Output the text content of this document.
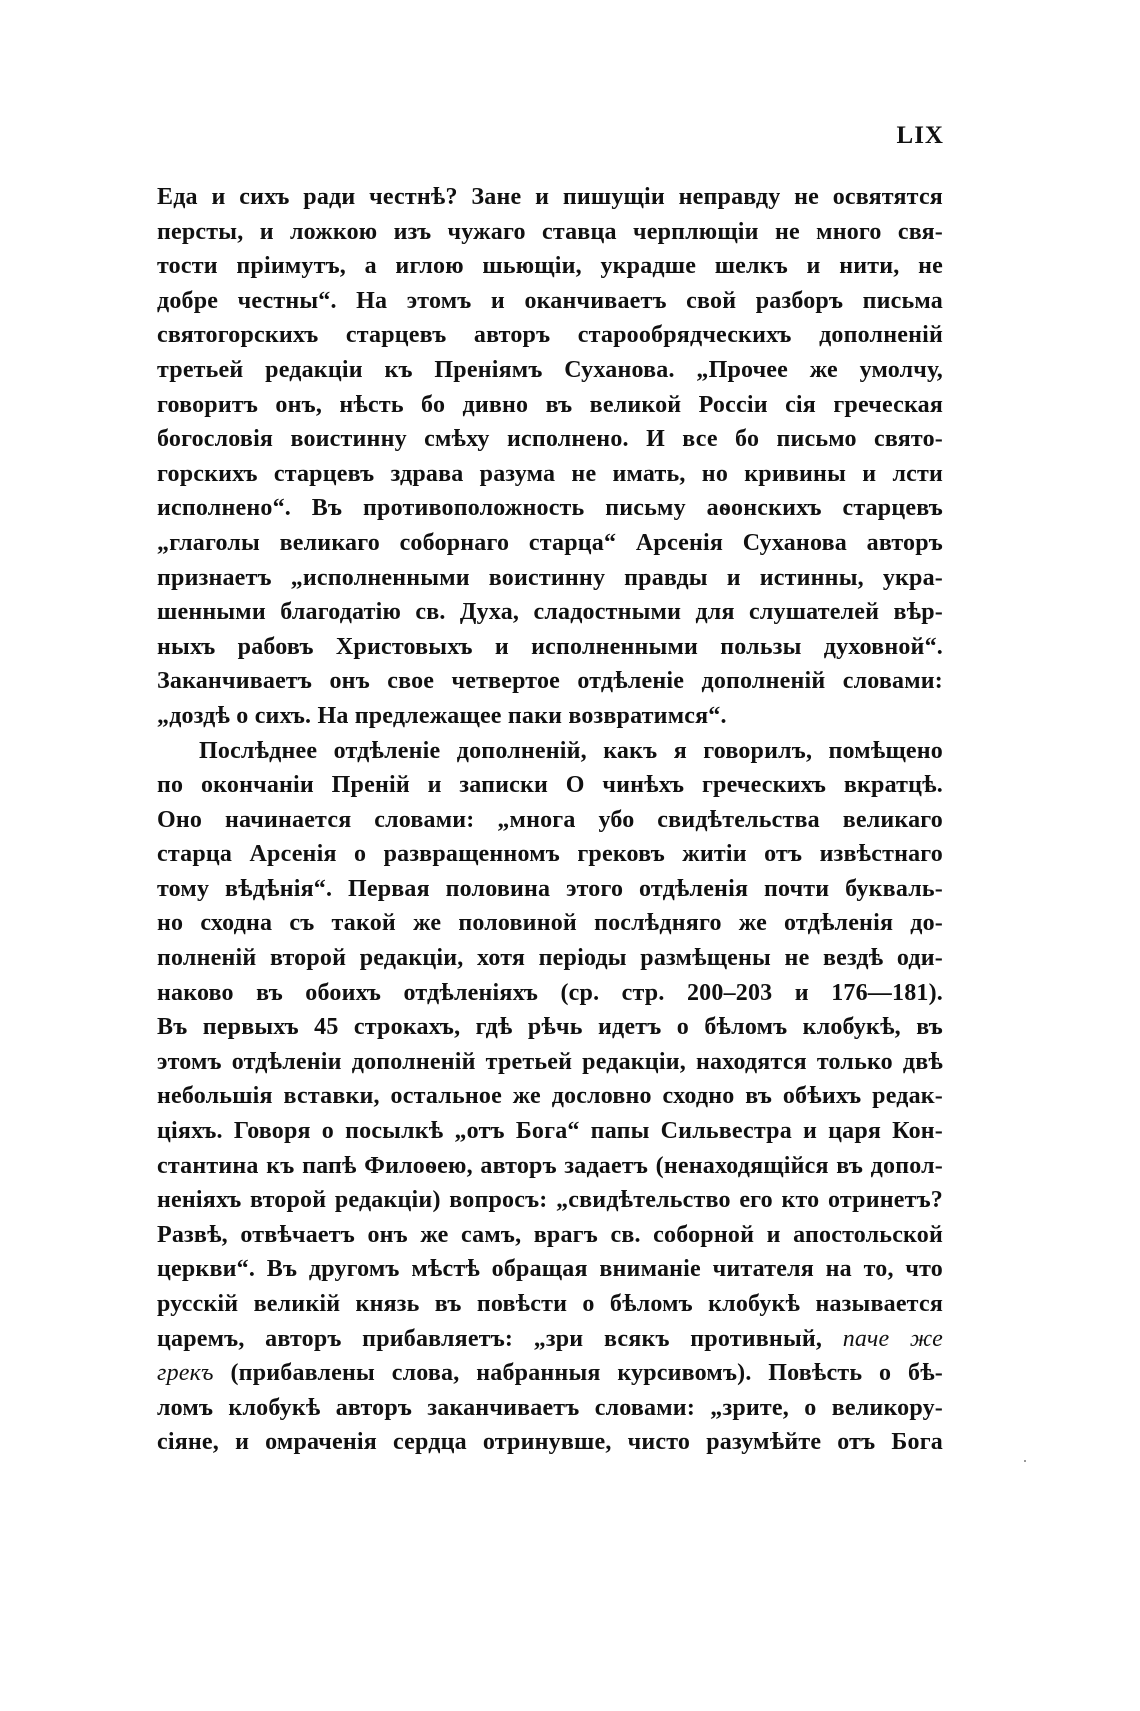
LIX
Еда и сихъ ради честнѣ? Зане и пишущіи неправду не освятятся
персты, и ложкою изъ чужаго ставца черплющіи не много свя-
тости пріимутъ, а иглою шьющіи, украдше шелкъ и нити, не
добре честны“. На этомъ и оканчиваетъ свой разборъ письма
святогорскихъ старцевъ авторъ старообрядческихъ дополненій
третьей редакціи къ Преніямъ Суханова. „Прочее же умолчу,
говоритъ онъ, нѣсть бо дивно въ великой Россіи сія греческая
богословія воистинну смѣху исполнено. И все бо письмо свято-
горскихъ старцевъ здрава разума не имать, но кривины и лсти
исполнено“. Въ противоположность письму аѳонскихъ старцевъ
„глаголы великаго соборнаго старца“ Арсенія Суханова авторъ
признаетъ „исполненными воистинну правды и истинны, укра-
шенными благодатію св. Духа, сладостными для слушателей вѣр-
ныхъ рабовъ Христовыхъ и исполненными пользы духовной“.
Заканчиваетъ онъ свое четвертое отдѣленіе дополненій словами:
„доздѣ о сихъ. На предлежащее паки возвратимся“.
Послѣднее отдѣленіе дополненій, какъ я говорилъ, помѣщено
по окончаніи Преній и записки О чинѣхъ греческихъ вкратцѣ.
Оно начинается словами: „многа убо свидѣтельства великаго
старца Арсенія о развращенномъ грековъ житіи отъ извѣстнаго
тому вѣдѣнія“. Первая половина этого отдѣленія почти букваль-
но сходна съ такой же половиной послѣдняго же отдѣленія до-
полненій второй редакціи, хотя періоды размѣщены не вездѣ оди-
наково въ обоихъ отдѣленіяхъ (ср. стр. 200–203 и 176—181).
Въ первыхъ 45 строкахъ, гдѣ рѣчь идетъ о бѣломъ клобукѣ, въ
этомъ отдѣленіи дополненій третьей редакціи, находятся только двѣ
небольшія вставки, остальное же дословно сходно въ обѣихъ редак-
ціяхъ. Говоря о посылкѣ „отъ Бога“ папы Сильвестра и царя Кон-
стантина къ папѣ Филоѳею, авторъ задаетъ (ненаходящійся въ допол-
неніяхъ второй редакціи) вопросъ: „свидѣтельство его кто отринетъ?
Развѣ, отвѣчаетъ онъ же самъ, врагъ св. соборной и апостольской
церкви“. Въ другомъ мѣстѣ обращая вниманіе читателя на то, что
русскій великій князь въ повѣсти о бѣломъ клобукѣ называется
царемъ, авторъ прибавляетъ: „зри всякъ противный, паче же
грекъ (прибавлены слова, набранныя курсивомъ). Повѣсть о бѣ-
ломъ клобукѣ авторъ заканчиваетъ словами: „зрите, о великору-
сіяне, и омраченія сердца отринувше, чисто разумѣйте отъ Бога
